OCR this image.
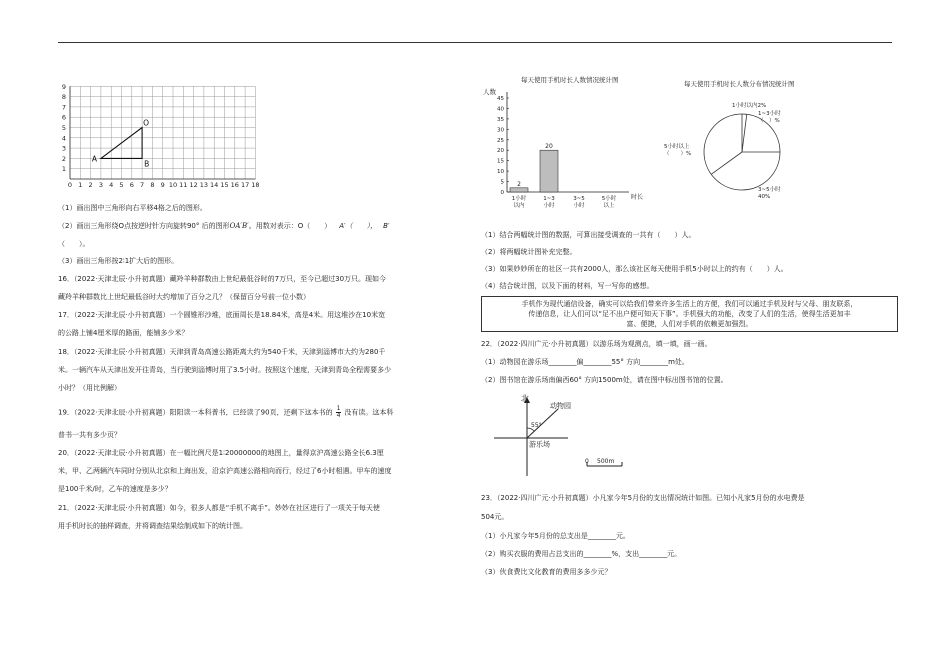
0 1 2 3 4 5 6 7 8 9 10 11 12 13 14 15 16 17 18
1
2
3
4
5
6
7
8
9
A
B
O
（1）画出图中三角形向右平移4格之后的图形。
（2）画出三角形绕O点按逆时针方向旋转90° 后的图形OA′B′。用数对表示：O（　　） A′（　　）， B′
（　　）。
（3）画出三角形按2∶1扩大后的图形。
16．（2022·天津北辰·小升初真题）藏羚羊种群数由上世纪最低谷时的7万只，至今已超过30万只。现如今
藏羚羊种群数比上世纪最低谷时大约增加了百分之几？（保留百分号前一位小数）
17．（2022·天津北辰·小升初真题）一个圆锥形沙堆，底面周长是18.84米，高是4米。用这堆沙在10米宽
的公路上铺4厘米厚的路面，能铺多少米？
18．（2022·天津北辰·小升初真题）天津到青岛高速公路距离大约为540千米，天津到淄博市大约为280千
米。一辆汽车从天津出发开往青岛，当行驶到淄博时用了3.5小时。按照这个速度，天津到青岛全程需要多少
小时？（用比例解）
19．（2022·天津北辰·小升初真题）阳阳读一本科普书，已经读了90页，还剩下这本书的 $\frac{1}{4}$ 没有读。这本科
普书一共有多少页？
20．（2022·天津北辰·小升初真题）在一幅比例尺是1∶20000000的地图上，量得京沪高速公路全长6.3厘
米，甲、乙两辆汽车同时分别从北京和上海出发，沿京沪高速公路相向而行，经过了6小时相遇。甲车的速度
是100千米/时，乙车的速度是多少？
21．（2022·天津北辰·小升初真题）如今，很多人都是“手机不离手”。妙妙在社区进行了一项关于每天使
用手机时长的抽样调查，并将调查结果绘制成如下的统计图。
每天使用手机时长人数情况统计图
人数
0
5
10
15
20
25
30
35
40
45
时长
1小时
以内
2
1~3
小时
20
3~5
小时
5小时
以上
每天使用手机时长人数分布情况统计图
1小时以内2%
1~3小时
（　）%
5小时以上
（　　）%
3~5小时
40%
（1）结合两幅统计图的数据，可算出接受调查的一共有（　　）人。
（2）将两幅统计图补充完整。
（3）如果妙妙所在的社区一共有2000人，那么该社区每天使用手机5小时以上的约有（　　）人。
（4）结合统计图，以及下面的材料，写一写你的感想。
手机作为现代通信设备，确实可以给我们带来许多生活上的方便，我们可以通过手机及时与父母、朋友联系，
传递信息，让人们可以“足不出户便可知天下事”。手机强大的功能，改变了人们的生活，使得生活更加丰
富、便捷，人们对手机的依赖更加强烈。
22．（2022·四川广元·小升初真题）以游乐场为观测点，填一填，画一画。
（1）动物园在游乐场________偏________55° 方向________m处。
（2）图书馆在游乐场南偏西60° 方向1500m处，请在图中标出图书馆的位置。
北
动物园
55°
游乐场
0 500m
23．（2022·四川广元·小升初真题）小凡家今年5月份的支出情况统计如图。已知小凡家5月份的水电费是
504元。
（1）小凡家今年5月份的总支出是________元。
（2）购买衣服的费用占总支出的________%，支出________元。
（3）伙食费比文化教育的费用多多少元？
